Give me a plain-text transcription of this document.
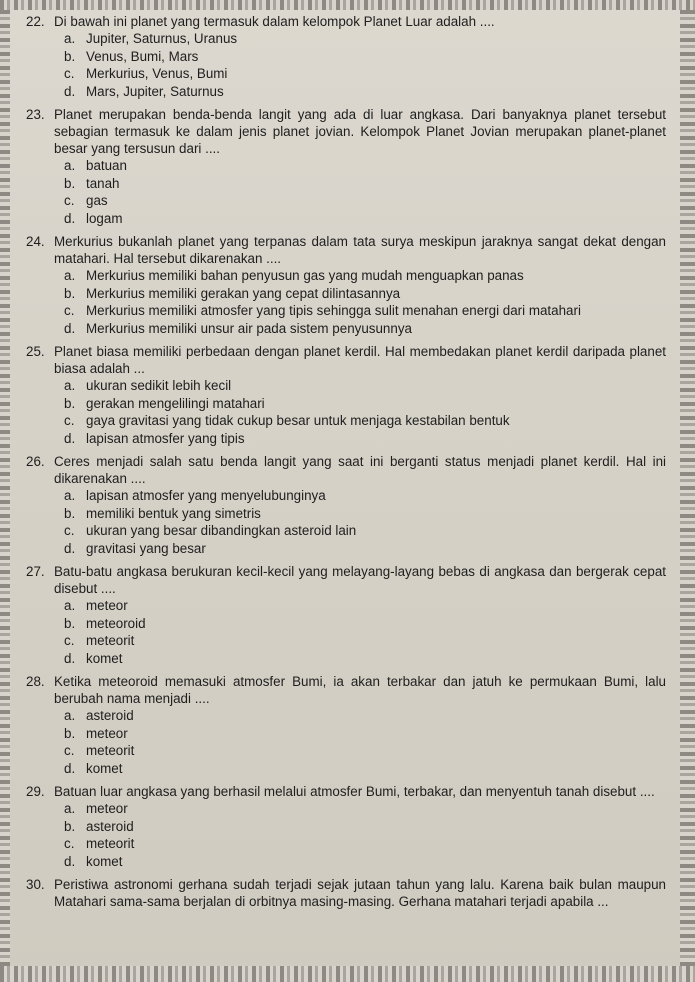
22. Di bawah ini planet yang termasuk dalam kelompok Planet Luar adalah ....
a. Jupiter, Saturnus, Uranus
b. Venus, Bumi, Mars
c. Merkurius, Venus, Bumi
d. Mars, Jupiter, Saturnus
23. Planet merupakan benda-benda langit yang ada di luar angkasa. Dari banyaknya planet tersebut sebagian termasuk ke dalam jenis planet jovian. Kelompok Planet Jovian merupakan planet-planet besar yang tersusun dari ....
a. batuan
b. tanah
c. gas
d. logam
24. Merkurius bukanlah planet yang terpanas dalam tata surya meskipun jaraknya sangat dekat dengan matahari. Hal tersebut dikarenakan ....
a. Merkurius memiliki bahan penyusun gas yang mudah menguapkan panas
b. Merkurius memiliki gerakan yang cepat dilintasannya
c. Merkurius memiliki atmosfer yang tipis sehingga sulit menahan energi dari matahari
d. Merkurius memiliki unsur air pada sistem penyusunnya
25. Planet biasa memiliki perbedaan dengan planet kerdil. Hal membedakan planet kerdil daripada planet biasa adalah ...
a. ukuran sedikit lebih kecil
b. gerakan mengelilingi matahari
c. gaya gravitasi yang tidak cukup besar untuk menjaga kestabilan bentuk
d. lapisan atmosfer yang tipis
26. Ceres menjadi salah satu benda langit yang saat ini berganti status menjadi planet kerdil. Hal ini dikarenakan ....
a. lapisan atmosfer yang menyelubunginya
b. memiliki bentuk yang simetris
c. ukuran yang besar dibandingkan asteroid lain
d. gravitasi yang besar
27. Batu-batu angkasa berukuran kecil-kecil yang melayang-layang bebas di angkasa dan bergerak cepat disebut ....
a. meteor
b. meteoroid
c. meteorit
d. komet
28. Ketika meteoroid memasuki atmosfer Bumi, ia akan terbakar dan jatuh ke permukaan Bumi, lalu berubah nama menjadi ....
a. asteroid
b. meteor
c. meteorit
d. komet
29. Batuan luar angkasa yang berhasil melalui atmosfer Bumi, terbakar, dan menyentuh tanah disebut ....
a. meteor
b. asteroid
c. meteorit
d. komet
30. Peristiwa astronomi gerhana sudah terjadi sejak jutaan tahun yang lalu. Karena baik bulan maupun Matahari sama-sama berjalan di orbitnya masing-masing. Gerhana matahari terjadi apabila ...
